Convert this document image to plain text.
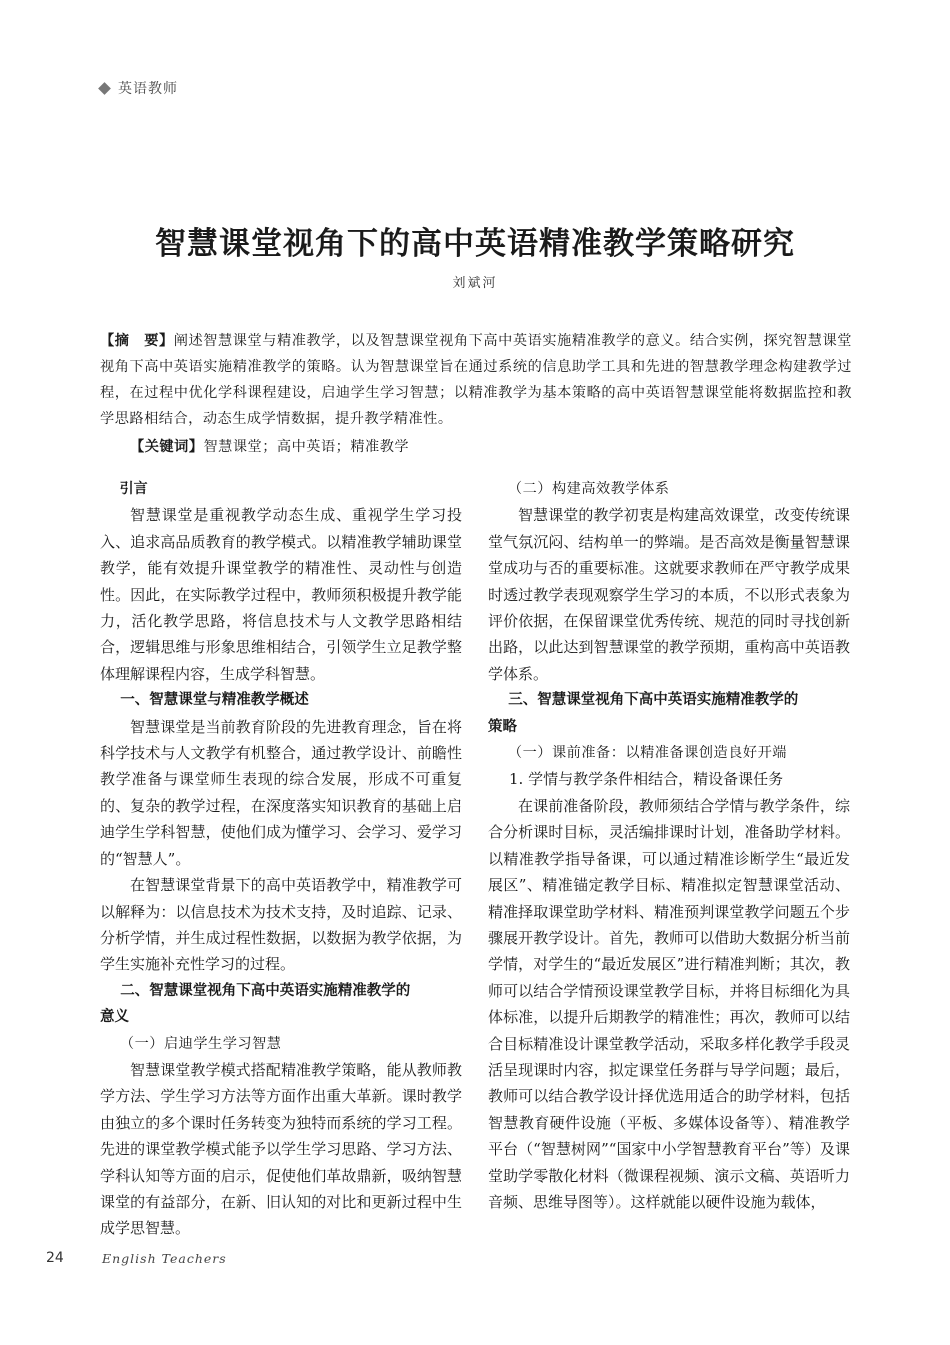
英语教师
智慧课堂视角下的高中英语精准教学策略研究
刘斌河

【摘　要】阐述智慧课堂与精准教学，以及智慧课堂视角下高中英语实施精准教学的意义。结合实例，探究智慧课堂视角下高中英语实施精准教学的策略。认为智慧课堂旨在通过系统的信息助学工具和先进的智慧教学理念构建教学过程，在过程中优化学科课程建设，启迪学生学习智慧；以精准教学为基本策略的高中英语智慧课堂能将数据监控和教学思路相结合，动态生成学情数据，提升教学精准性。

【关键词】智慧课堂；高中英语；精准教学

引言

智慧课堂是重视教学动态生成、重视学生学习投入、追求高品质教育的教学模式。以精准教学辅助课堂教学，能有效提升课堂教学的精准性、灵动性与创造性。因此，在实际教学过程中，教师须积极提升教学能力，活化教学思路，将信息技术与人文教学思路相结合，逻辑思维与形象思维相结合，引领学生立足教学整体理解课程内容，生成学科智慧。

一、智慧课堂与精准教学概述

智慧课堂是当前教育阶段的先进教育理念，旨在将科学技术与人文教学有机整合，通过教学设计、前瞻性教学准备与课堂师生表现的综合发展，形成不可重复的、复杂的教学过程，在深度落实知识教育的基础上启迪学生学科智慧，使他们成为懂学习、会学习、爱学习的“智慧人”。

在智慧课堂背景下的高中英语教学中，精准教学可以解释为：以信息技术为技术支持，及时追踪、记录、分析学情，并生成过程性数据，以数据为教学依据，为学生实施补充性学习的过程。

二、智慧课堂视角下高中英语实施精准教学的

意义

（一）启迪学生学习智慧

智慧课堂教学模式搭配精准教学策略，能从教师教学方法、学生学习方法等方面作出重大革新。课时教学由独立的多个课时任务转变为独特而系统的学习工程。先进的课堂教学模式能予以学生学习思路、学习方法、学科认知等方面的启示，促使他们革故鼎新，吸纳智慧课堂的有益部分，在新、旧认知的对比和更新过程中生成学思智慧。

（二）构建高效教学体系

智慧课堂的教学初衷是构建高效课堂，改变传统课堂气氛沉闷、结构单一的弊端。是否高效是衡量智慧课堂成功与否的重要标准。这就要求教师在严守教学成果时透过教学表现观察学生学习的本质，不以形式表象为评价依据，在保留课堂优秀传统、规范的同时寻找创新出路，以此达到智慧课堂的教学预期，重构高中英语教学体系。

三、智慧课堂视角下高中英语实施精准教学的

策略

（一）课前准备：以精准备课创造良好开端

1. 学情与教学条件相结合，精设备课任务

在课前准备阶段，教师须结合学情与教学条件，综合分析课时目标，灵活编排课时计划，准备助学材料。以精准教学指导备课，可以通过精准诊断学生“最近发展区”、精准锚定教学目标、精准拟定智慧课堂活动、精准择取课堂助学材料、精准预判课堂教学问题五个步骤展开教学设计。首先，教师可以借助大数据分析当前学情，对学生的“最近发展区”进行精准判断；其次，教师可以结合学情预设课堂教学目标，并将目标细化为具体标准，以提升后期教学的精准性；再次，教师可以结合目标精准设计课堂教学活动，采取多样化教学手段灵活呈现课时内容，拟定课堂任务群与导学问题；最后，教师可以结合教学设计择优选用适合的助学材料，包括智慧教育硬件设施（平板、多媒体设备等）、精准教学平台（“智慧树网”“国家中小学智慧教育平台”等）及课堂助学零散化材料（微课程视频、演示文稿、英语听力音频、思维导图等）。这样就能以硬件设施为载体，

24	English Teachers
